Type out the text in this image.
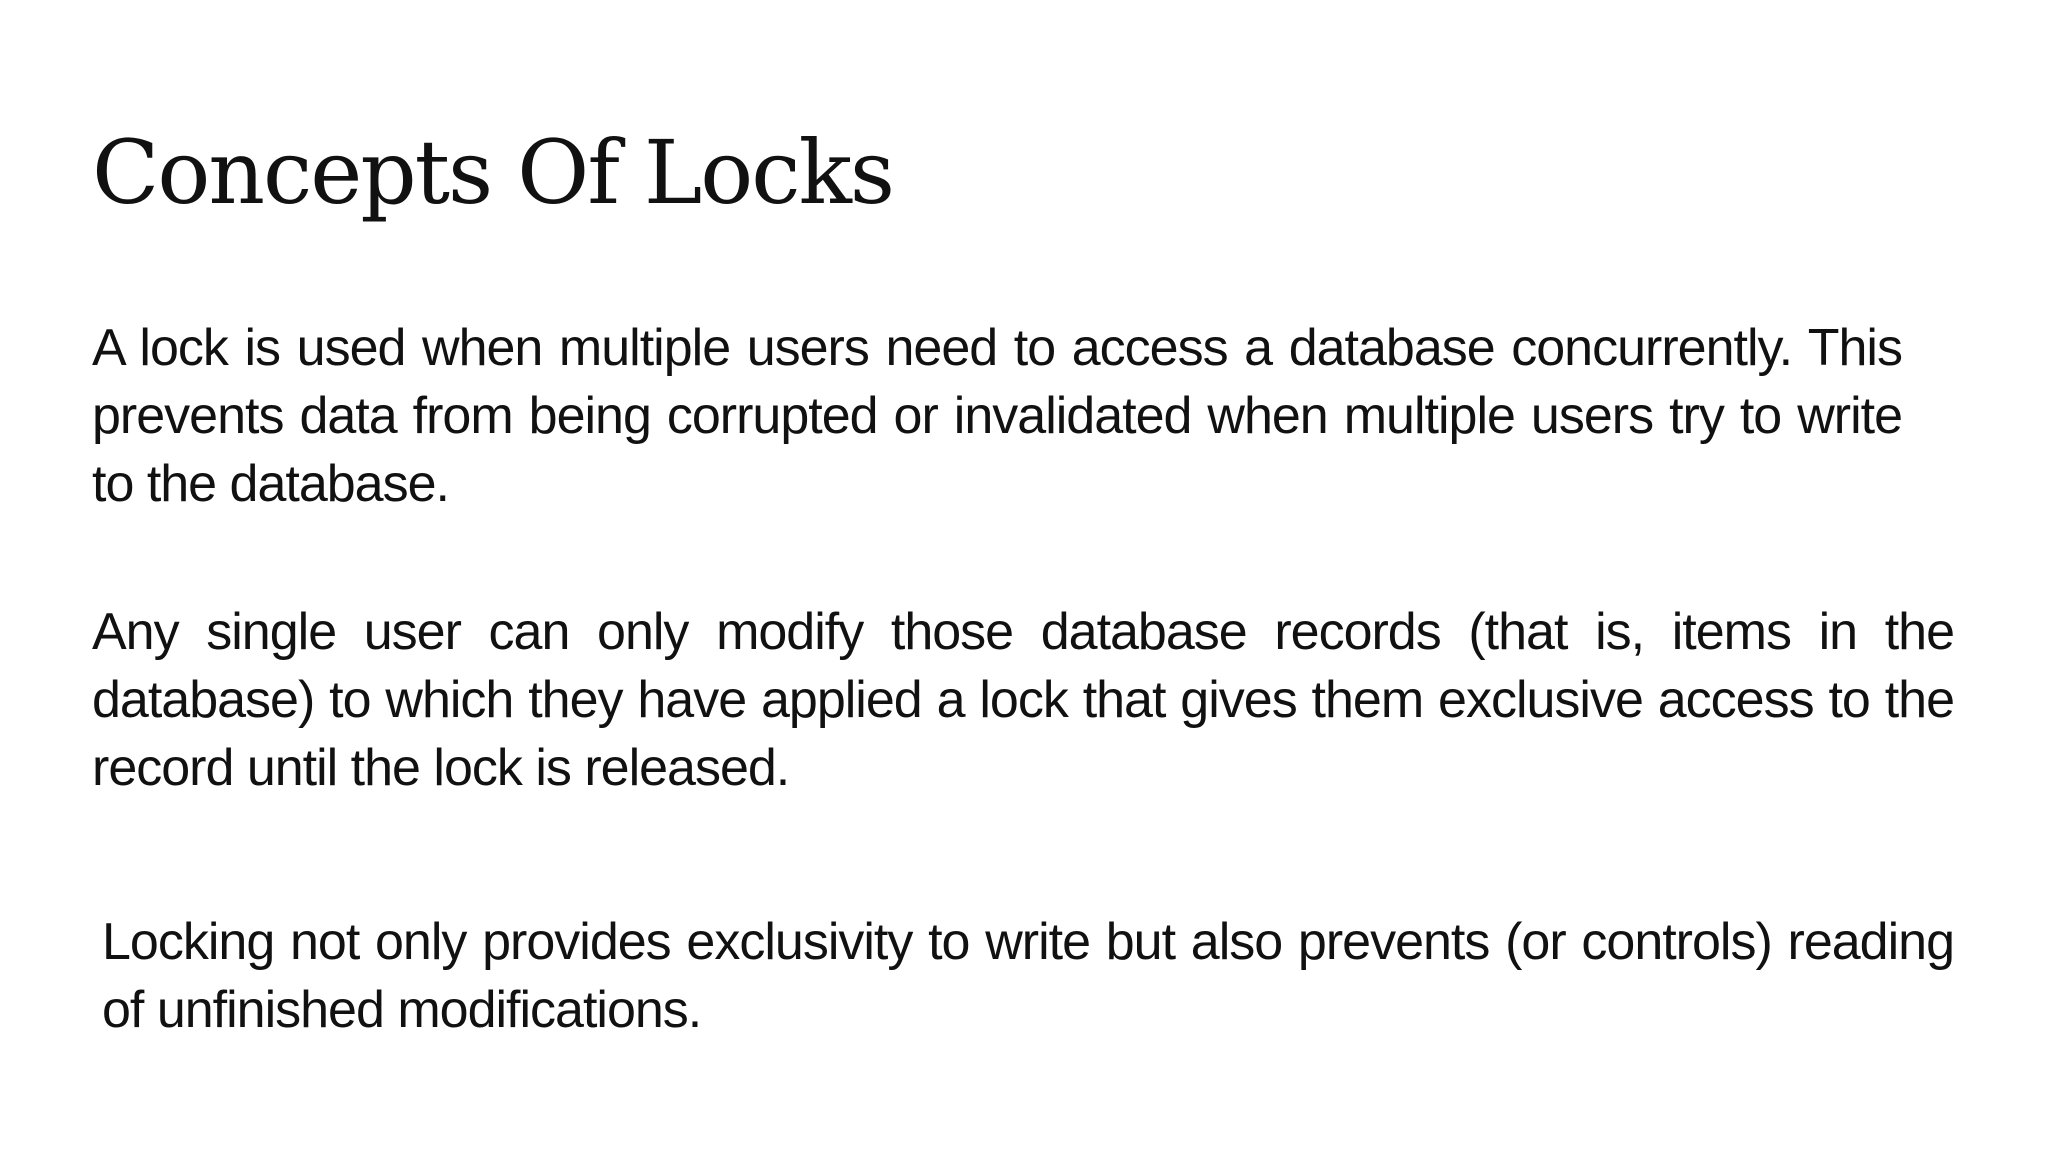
Concepts Of Locks

A lock is used when multiple users need to access a database concurrently. This prevents data from being corrupted or invalidated when multiple users try to write to the database.

Any single user can only modify those database records (that is, items in the database) to which they have applied a lock that gives them exclusive access to the record until the lock is released.

Locking not only provides exclusivity to write but also prevents (or controls) reading of unfinished modifications.
